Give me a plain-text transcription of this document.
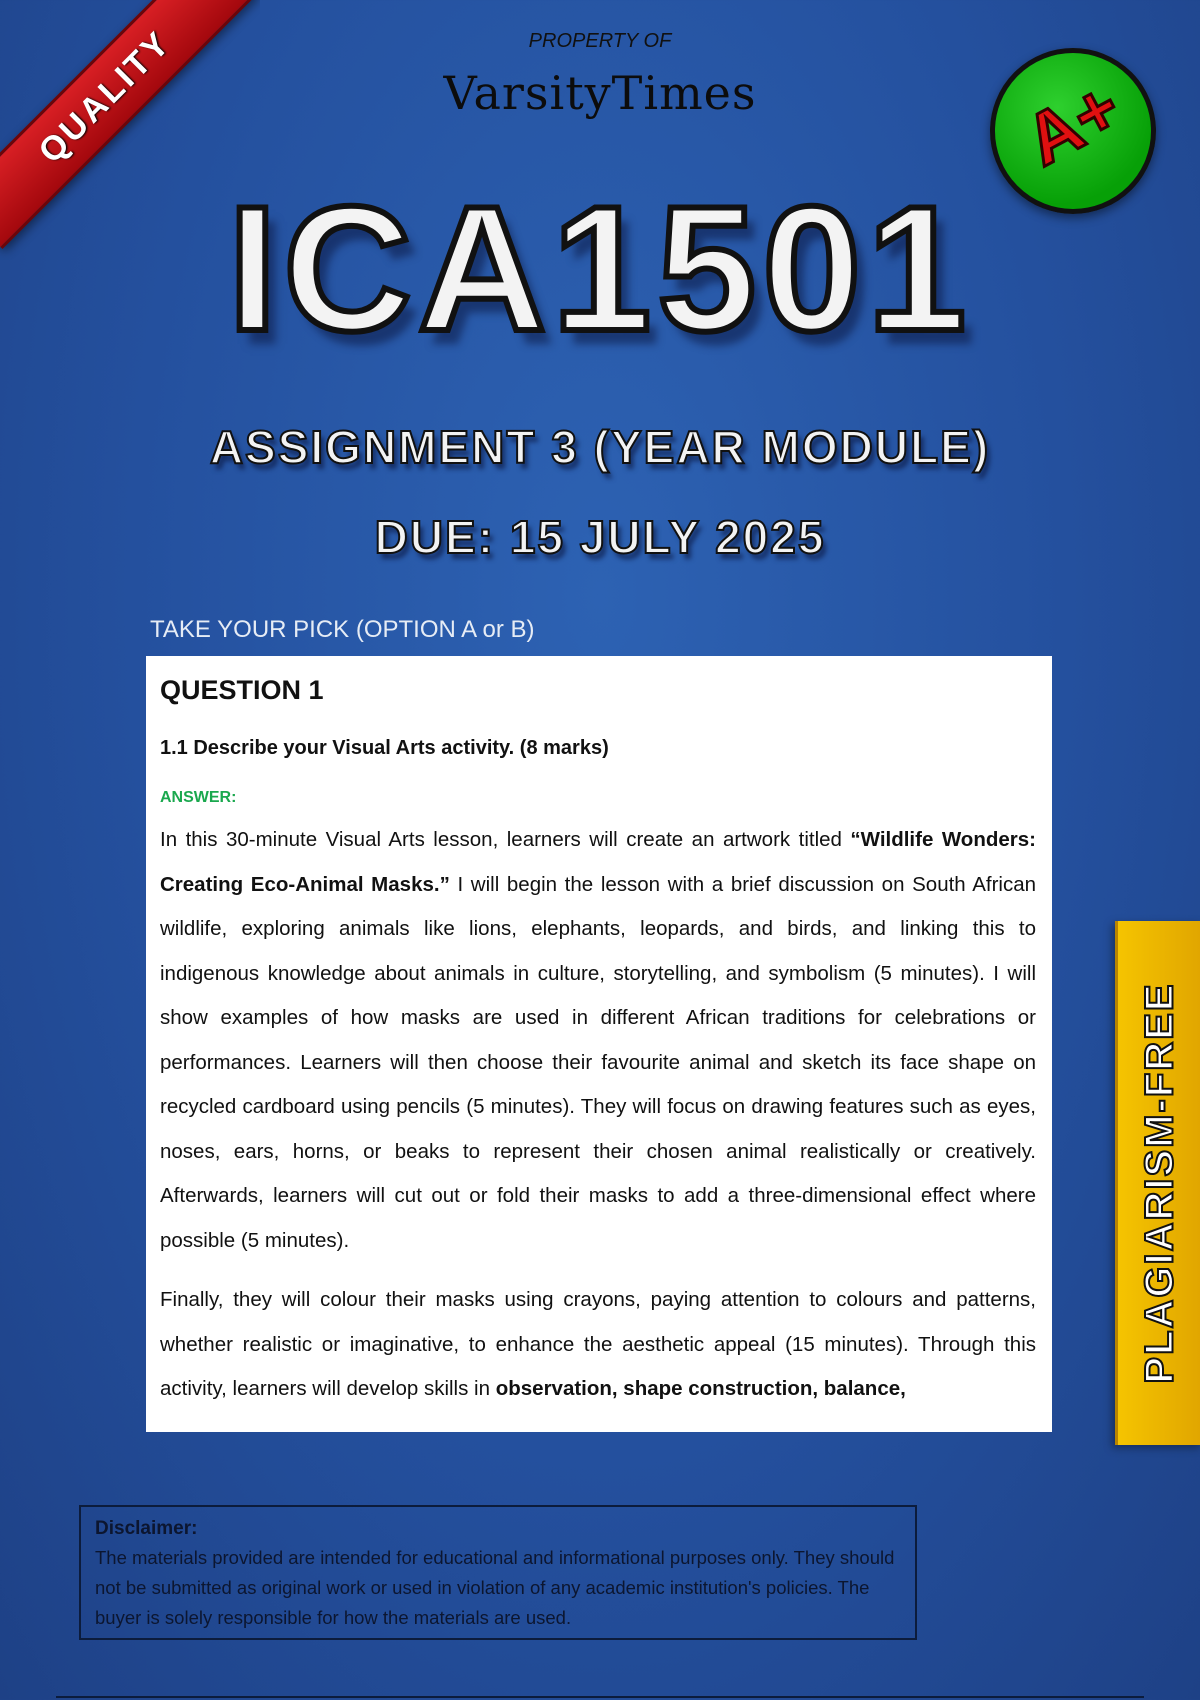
QUALITY	PROPERTY OF
VarsityTimes	A+
ICA1501
ASSIGNMENT 3 (YEAR MODULE)
DUE: 15 JULY 2025
TAKE YOUR PICK (OPTION A or B)
QUESTION 1
1.1 Describe your Visual Arts activity. (8 marks)
ANSWER:
In this 30-minute Visual Arts lesson, learners will create an artwork titled “Wildlife Wonders: Creating Eco-Animal Masks.” I will begin the lesson with a brief discussion on South African wildlife, exploring animals like lions, elephants, leopards, and birds, and linking this to indigenous knowledge about animals in culture, storytelling, and symbolism (5 minutes). I will show examples of how masks are used in different African traditions for celebrations or performances. Learners will then choose their favourite animal and sketch its face shape on recycled cardboard using pencils (5 minutes). They will focus on drawing features such as eyes, noses, ears, horns, or beaks to represent their chosen animal realistically or creatively. Afterwards, learners will cut out or fold their masks to add a three-dimensional effect where possible (5 minutes).
Finally, they will colour their masks using crayons, paying attention to colours and patterns, whether realistic or imaginative, to enhance the aesthetic appeal (15 minutes). Through this activity, learners will develop skills in observation, shape construction, balance,
PLAGIARISM-FREE
Disclaimer:
The materials provided are intended for educational and informational purposes only. They should not be submitted as original work or used in violation of any academic institution's policies. The buyer is solely responsible for how the materials are used.
